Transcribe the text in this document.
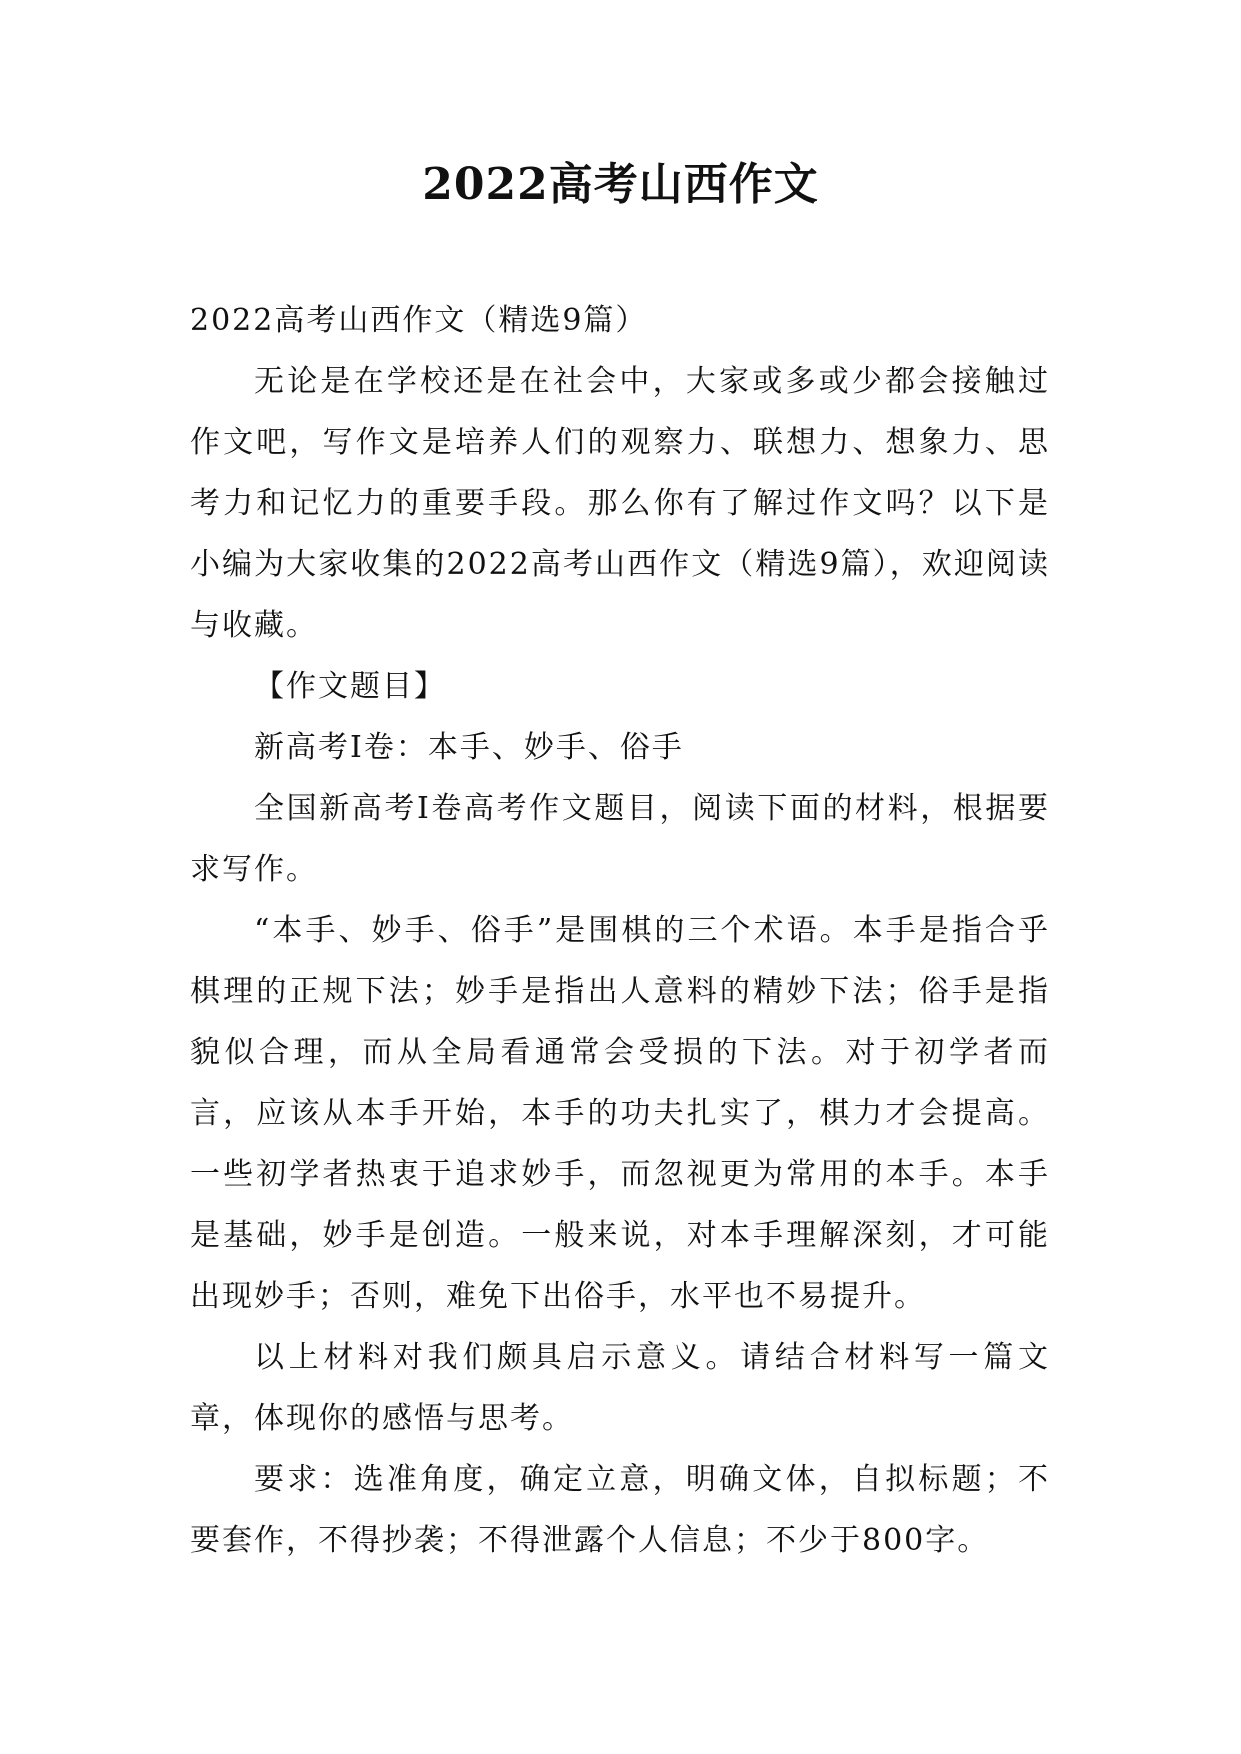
2022高考山西作文

2022高考山西作文（精选9篇）

无论是在学校还是在社会中，大家或多或少都会接触过作文吧，写作文是培养人们的观察力、联想力、想象力、思考力和记忆力的重要手段。那么你有了解过作文吗？以下是小编为大家收集的2022高考山西作文（精选9篇），欢迎阅读与收藏。

【作文题目】

新高考Ⅰ卷：本手、妙手、俗手

全国新高考Ⅰ卷高考作文题目，阅读下面的材料，根据要求写作。

“本手、妙手、俗手”是围棋的三个术语。本手是指合乎棋理的正规下法；妙手是指出人意料的精妙下法；俗手是指貌似合理，而从全局看通常会受损的下法。对于初学者而言，应该从本手开始，本手的功夫扎实了，棋力才会提高。一些初学者热衷于追求妙手，而忽视更为常用的本手。本手是基础，妙手是创造。一般来说，对本手理解深刻，才可能出现妙手；否则，难免下出俗手，水平也不易提升。

以上材料对我们颇具启示意义。请结合材料写一篇文章，体现你的感悟与思考。

要求：选准角度，确定立意，明确文体，自拟标题；不要套作，不得抄袭；不得泄露个人信息；不少于800字。
